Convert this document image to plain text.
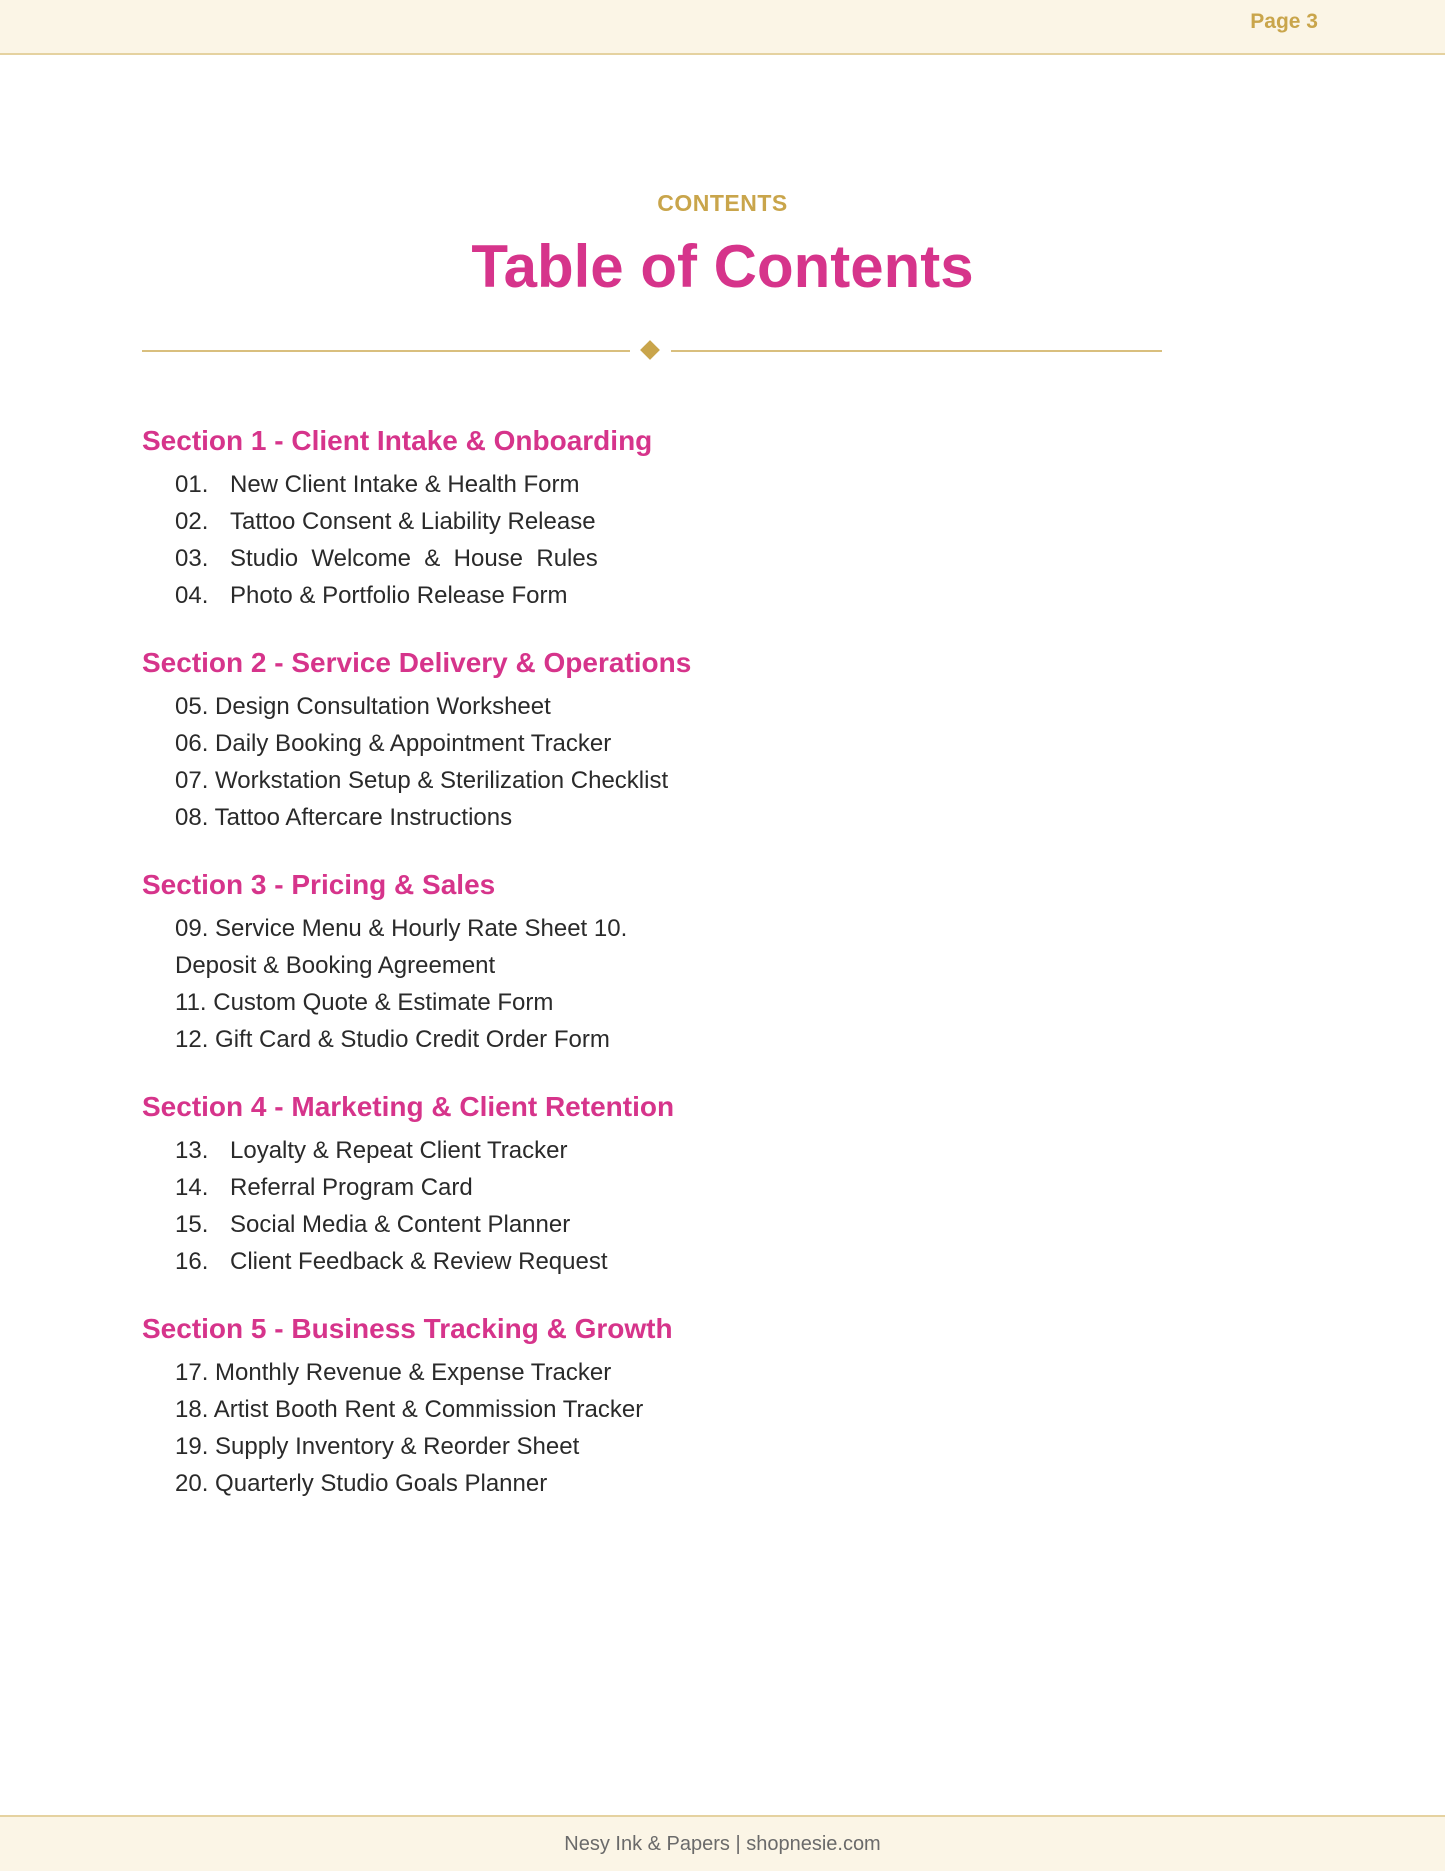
Page 3
CONTENTS
Table of Contents
Section 1 - Client Intake & Onboarding
01. New Client Intake & Health Form
02. Tattoo Consent & Liability Release
03. Studio  Welcome  &  House  Rules
04. Photo & Portfolio Release Form
Section 2 - Service Delivery & Operations
05. Design Consultation Worksheet
06. Daily Booking & Appointment Tracker
07. Workstation Setup & Sterilization Checklist
08. Tattoo Aftercare Instructions
Section 3 - Pricing & Sales
09. Service Menu & Hourly Rate Sheet 10.
Deposit & Booking Agreement
11. Custom Quote & Estimate Form
12. Gift Card & Studio Credit Order Form
Section 4 - Marketing & Client Retention
13. Loyalty & Repeat Client Tracker
14. Referral Program Card
15. Social Media & Content Planner
16. Client Feedback & Review Request
Section 5 - Business Tracking & Growth
17. Monthly Revenue & Expense Tracker
18. Artist Booth Rent & Commission Tracker
19. Supply Inventory & Reorder Sheet
20. Quarterly Studio Goals Planner
Nesy Ink & Papers | shopnesie.com
